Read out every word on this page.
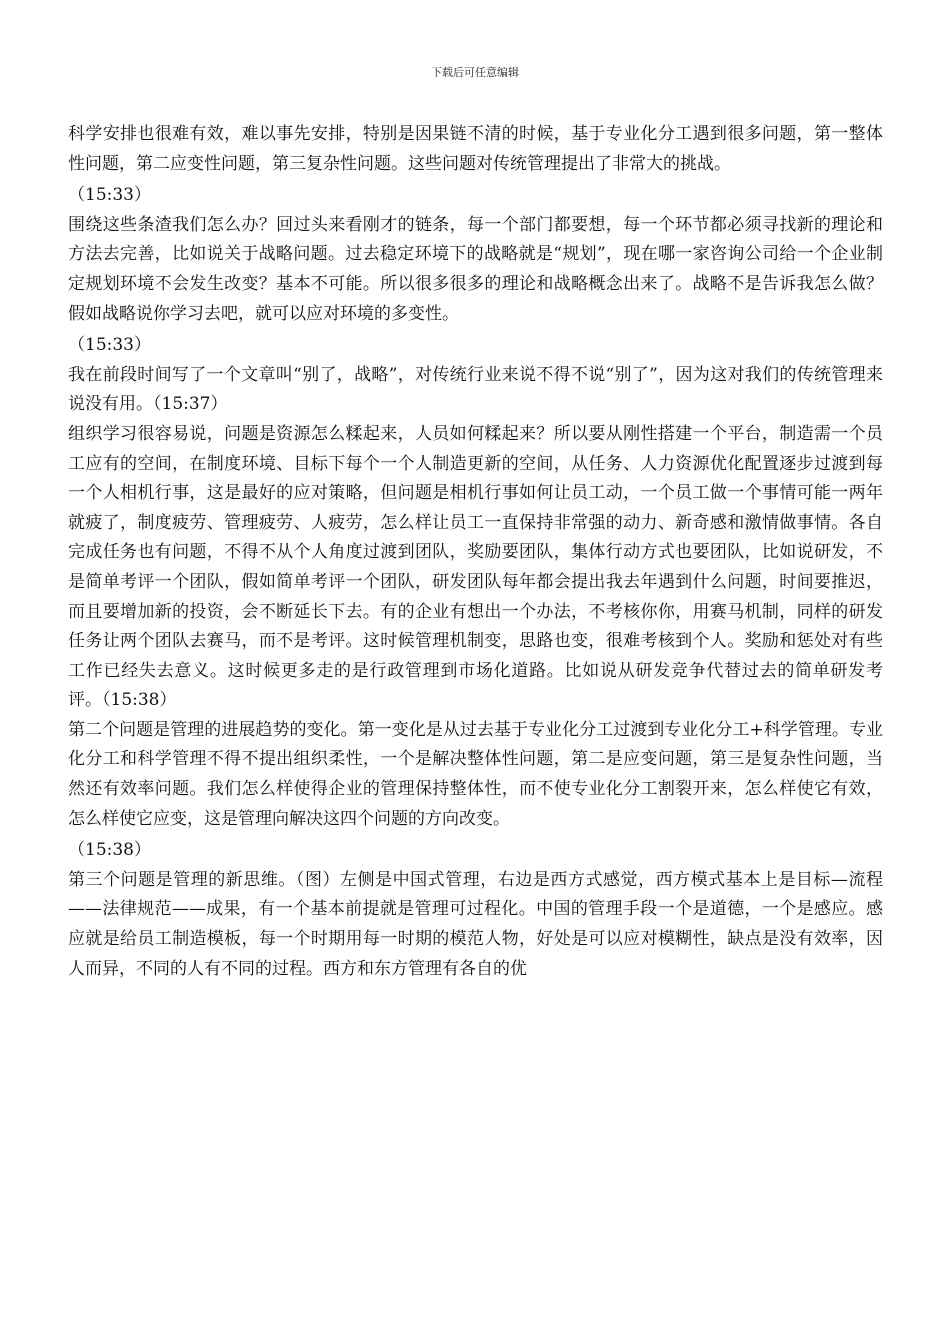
下载后可任意编辑

科学安排也很难有效，难以事先安排，特别是因果链不清的时候，基于专业化分工遇到很多问题，第一整体性问题，第二应变性问题，第三复杂性问题。这些问题对传统管理提出了非常大的挑战。

（15:33）

围绕这些条渣我们怎么办？回过头来看刚才的链条，每一个部门都要想，每一个环节都必须寻找新的理论和方法去完善，比如说关于战略问题。过去稳定环境下的战略就是“规划”，现在哪一家咨询公司给一个企业制定规划环境不会发生改变？基本不可能。所以很多很多的理论和战略概念出来了。战略不是告诉我怎么做？假如战略说你学习去吧，就可以应对环境的多变性。

（15:33）

我在前段时间写了一个文章叫“别了，战略”，对传统行业来说不得不说“别了”，因为这对我们的传统管理来说没有用。（15:37）

组织学习很容易说，问题是资源怎么糅起来，人员如何糅起来？所以要从刚性搭建一个平台，制造需一个员工应有的空间，在制度环境、目标下每个一个人制造更新的空间，从任务、人力资源优化配置逐步过渡到每一个人相机行事，这是最好的应对策略，但问题是相机行事如何让员工动，一个员工做一个事情可能一两年就疲了，制度疲劳、管理疲劳、人疲劳，怎么样让员工一直保持非常强的动力、新奇感和激情做事情。各自完成任务也有问题，不得不从个人角度过渡到团队，奖励要团队，集体行动方式也要团队，比如说研发，不是简单考评一个团队，假如简单考评一个团队，研发团队每年都会提出我去年遇到什么问题，时间要推迟，而且要增加新的投资，会不断延长下去。有的企业有想出一个办法，不考核你你，用赛马机制，同样的研发任务让两个团队去赛马，而不是考评。这时候管理机制变，思路也变，很难考核到个人。奖励和惩处对有些工作已经失去意义。这时候更多走的是行政管理到市场化道路。比如说从研发竞争代替过去的简单研发考评。（15:38）

第二个问题是管理的进展趋势的变化。第一变化是从过去基于专业化分工过渡到专业化分工+科学管理。专业化分工和科学管理不得不提出组织柔性，一个是解决整体性问题，第二是应变问题，第三是复杂性问题，当然还有效率问题。我们怎么样使得企业的管理保持整体性，而不使专业化分工割裂开来，怎么样使它有效，怎么样使它应变，这是管理向解决这四个问题的方向改变。

（15:38）

第三个问题是管理的新思维。（图）左侧是中国式管理，右边是西方式感觉，西方模式基本上是目标—流程——法律规范——成果，有一个基本前提就是管理可过程化。中国的管理手段一个是道德，一个是感应。感应就是给员工制造模板，每一个时期用每一时期的模范人物，好处是可以应对模糊性，缺点是没有效率，因人而异，不同的人有不同的过程。西方和东方管理有各自的优
